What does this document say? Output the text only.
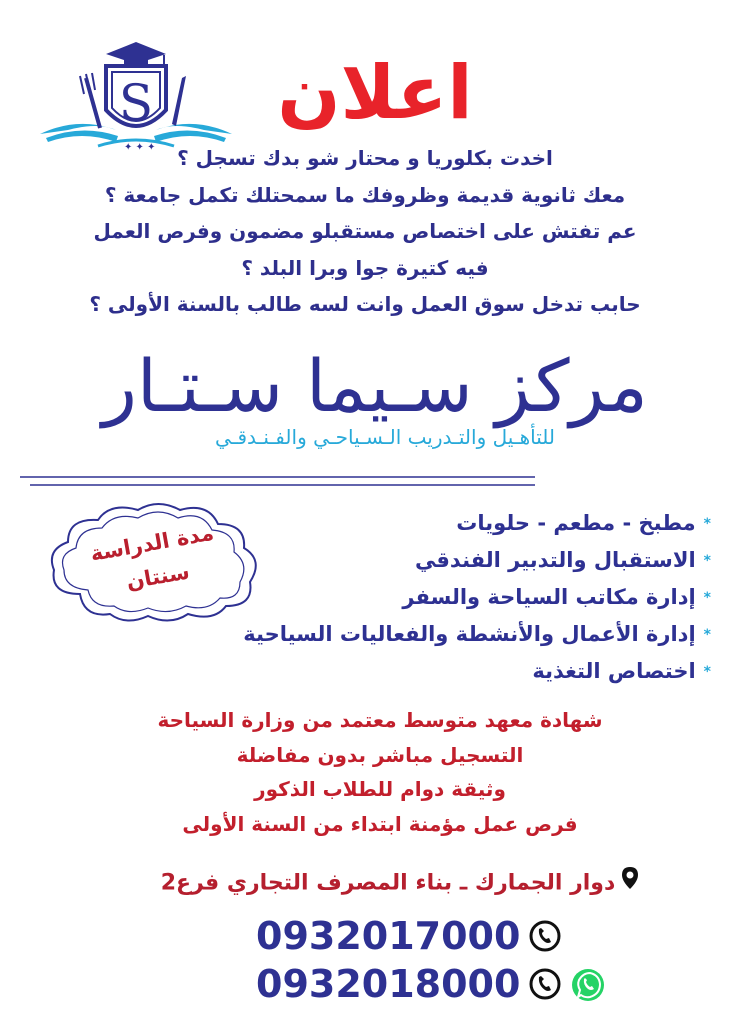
S
✦ ✦ ✦
اعلان
اخدت بكلوريا و محتار شو بدك تسجل ؟
معك ثانوية قديمة وظروفك ما سمحتلك تكمل جامعة ؟
عم تفتش على اختصاص مستقبلو مضمون وفرص العمل
فيه كتيرة جوا وبرا البلد ؟
حابب تدخل سوق العمل وانت لسه طالب بالسنة الأولى ؟
مركز سـيما سـتـار
للتأهـيل والتـدريب الـسـياحـي والفـنـدقـي
مدة الدراسة
سنتان
*مطبخ - مطعم - حلويات
*الاستقبال والتدبير الفندقي
*إدارة مكاتب السياحة والسفر
*إدارة الأعمال والأنشطة والفعاليات السياحية
*اختصاص التغذية
شهادة معهد متوسط معتمد من وزارة السياحة
التسجيل مباشر بدون مفاضلة
وثيقة دوام للطلاب الذكور
فرص عمل مؤمنة ابتداء من السنة الأولى
دوار الجمارك ـ بناء المصرف التجاري فرع2
0932017000
0932018000
